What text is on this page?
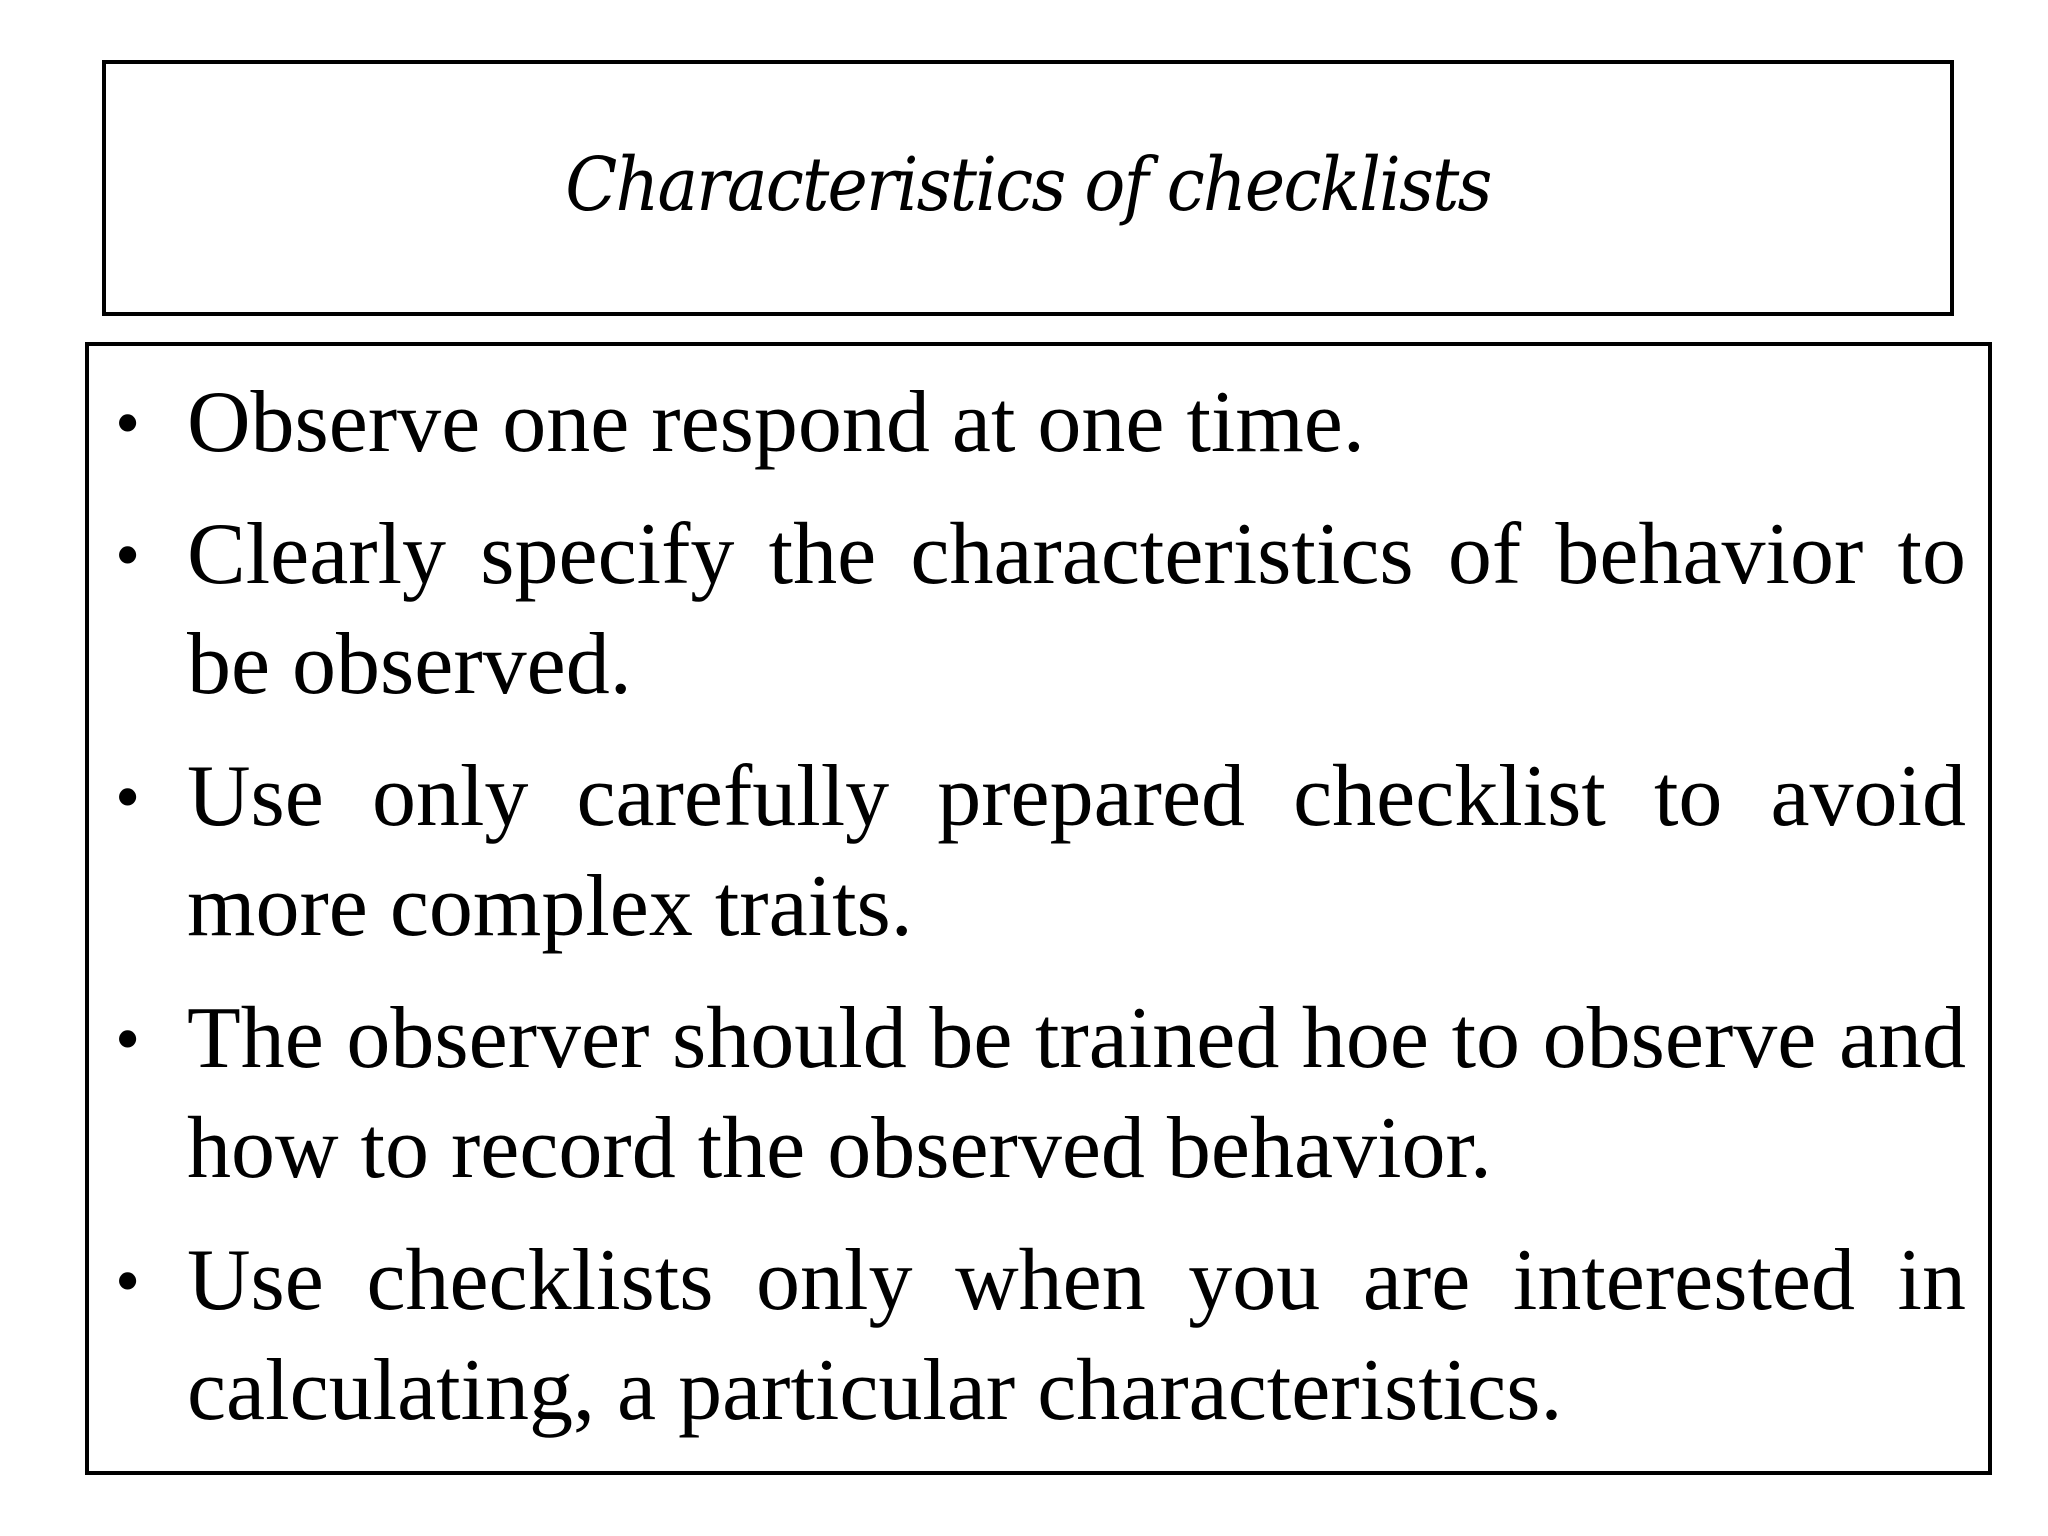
Characteristics of checklists
• Observe one respond at one time.
• Clearly specify the characteristics of behavior to be observed.
• Use only carefully prepared checklist to avoid more complex traits.
• The observer should be trained hoe to observe and how to record the observed behavior.
• Use checklists only when you are interested in calculating, a particular characteristics.
